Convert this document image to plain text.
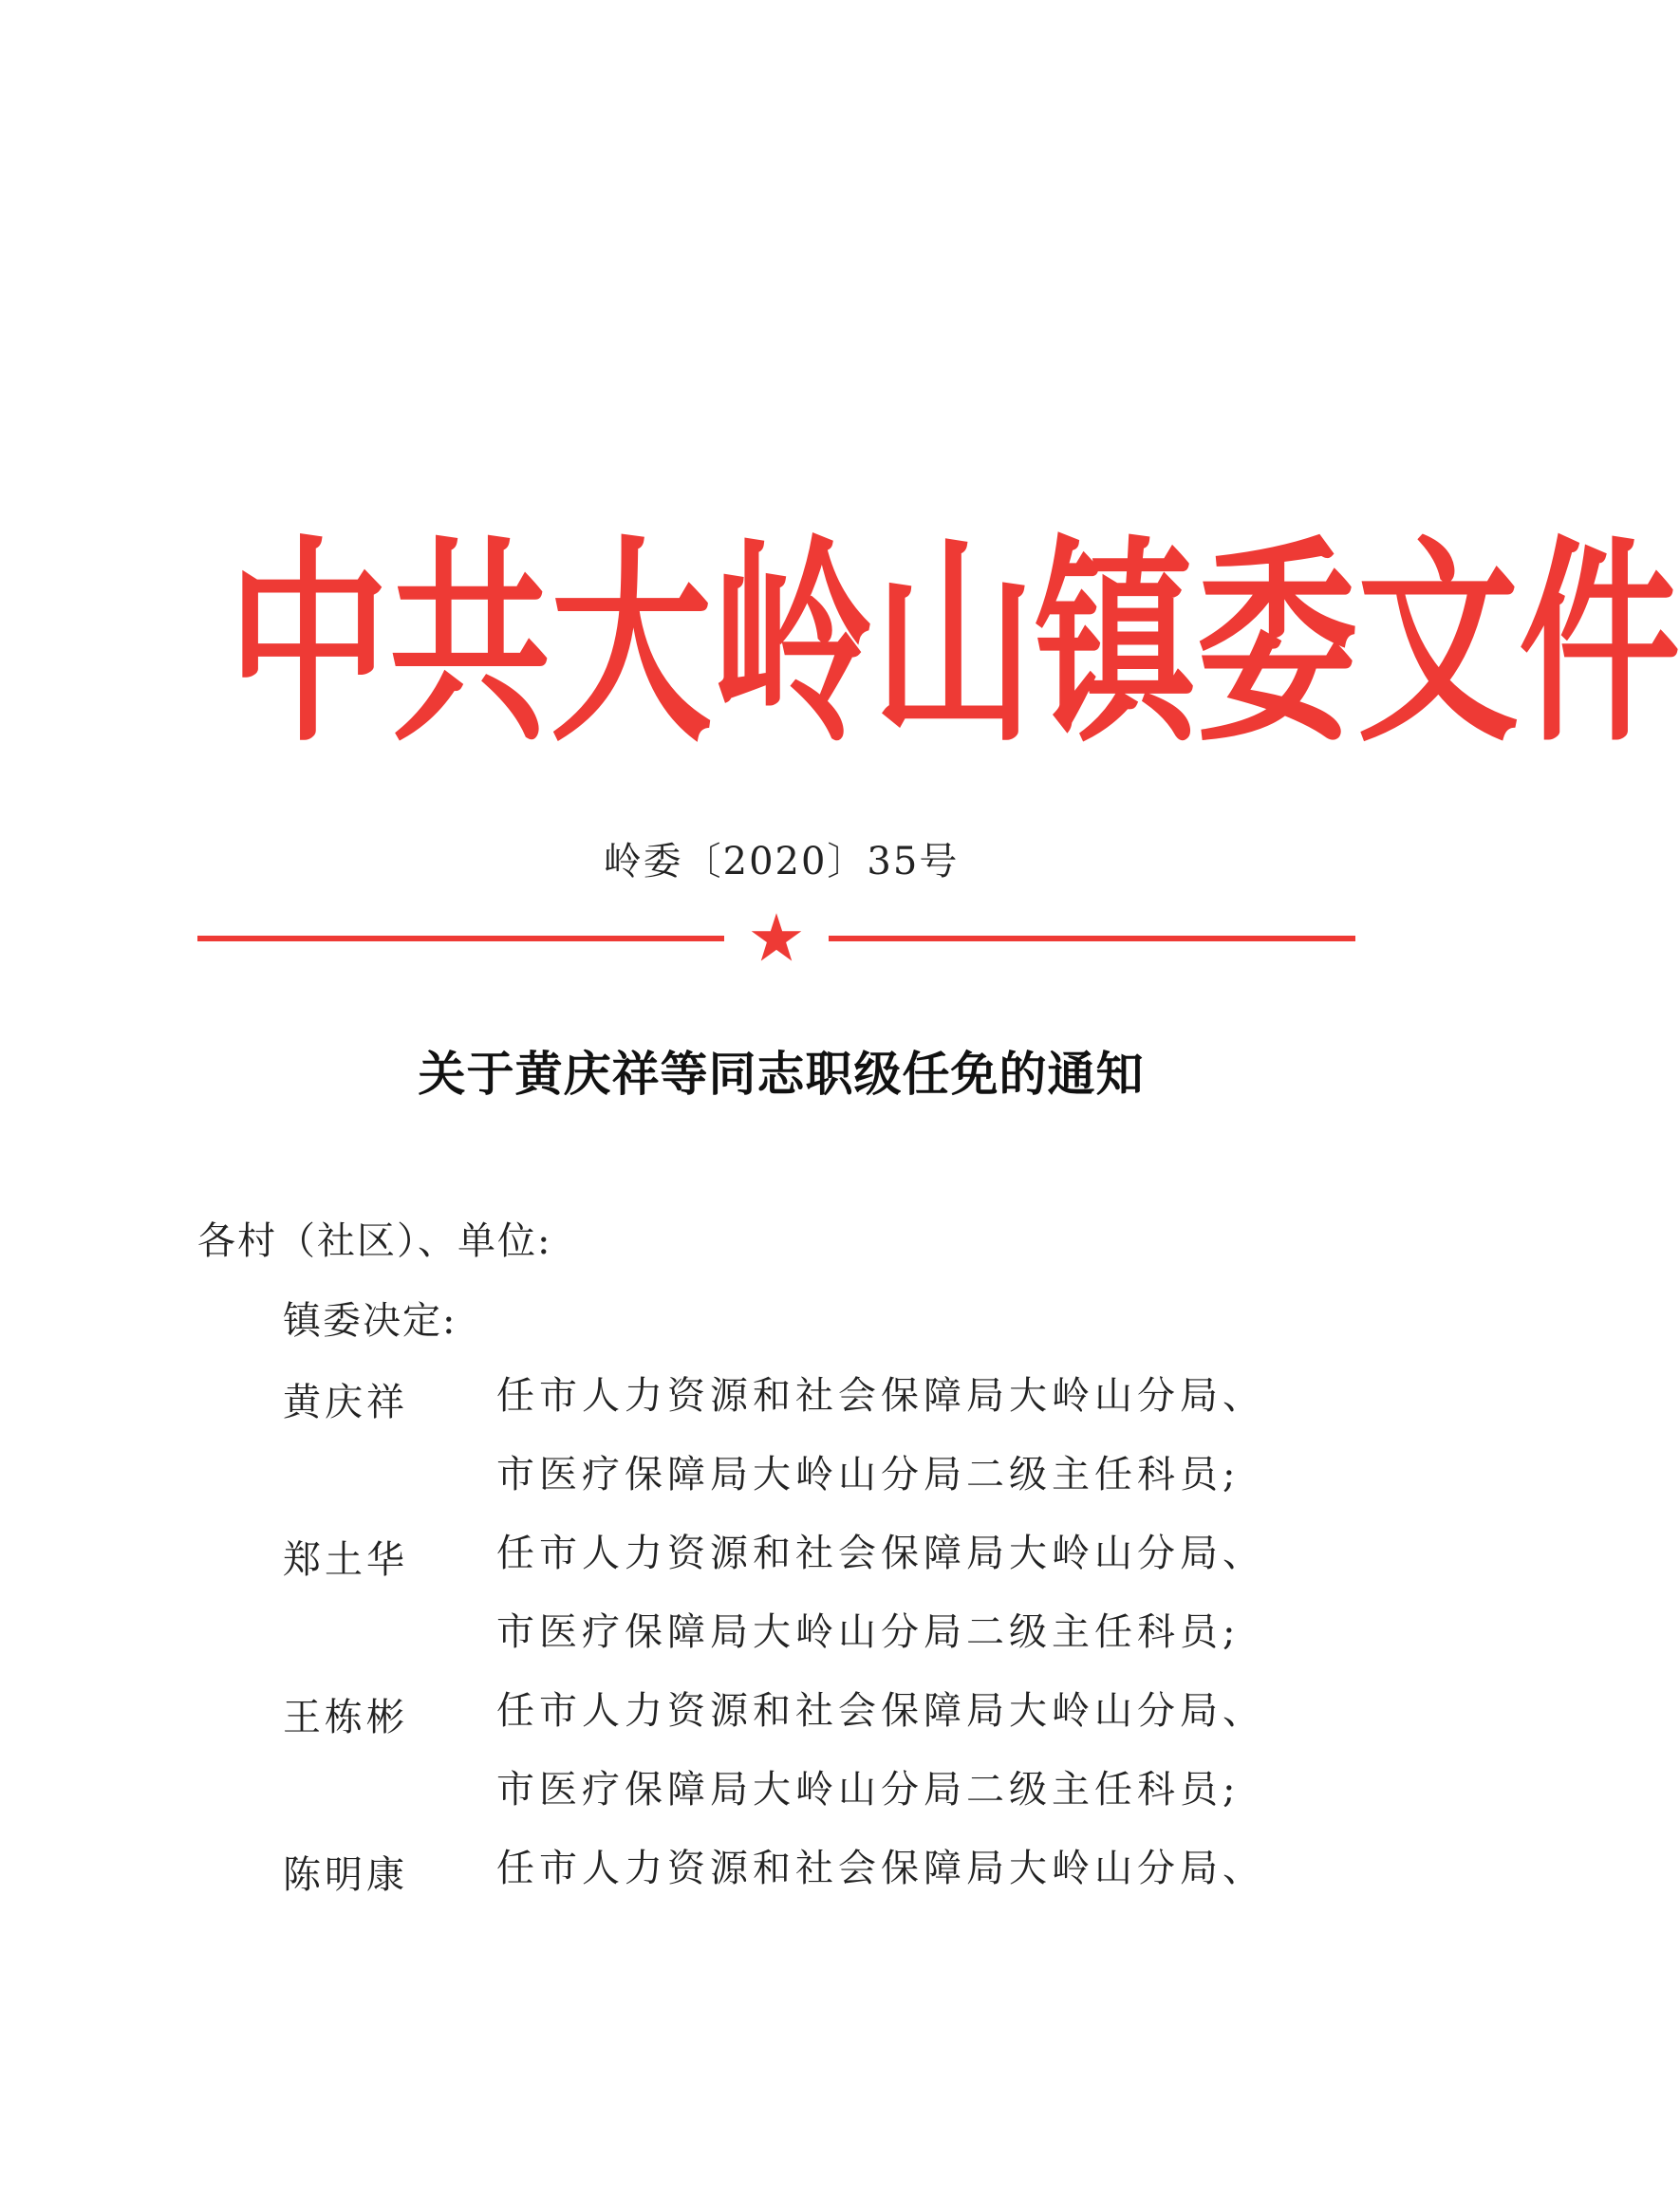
中 共 大 岭 山 镇 委 文 件
岭委〔2020〕35号
关于黄庆祥等同志职级任免的通知
各村（社区）、单位:
镇委决定:
黄庆祥 任市人力资源和社会保障局大岭山分局、
市医疗保障局大岭山分局二级主任科员;
郑土华 任市人力资源和社会保障局大岭山分局、
市医疗保障局大岭山分局二级主任科员;
王栋彬 任市人力资源和社会保障局大岭山分局、
市医疗保障局大岭山分局二级主任科员;
陈明康 任市人力资源和社会保障局大岭山分局、
